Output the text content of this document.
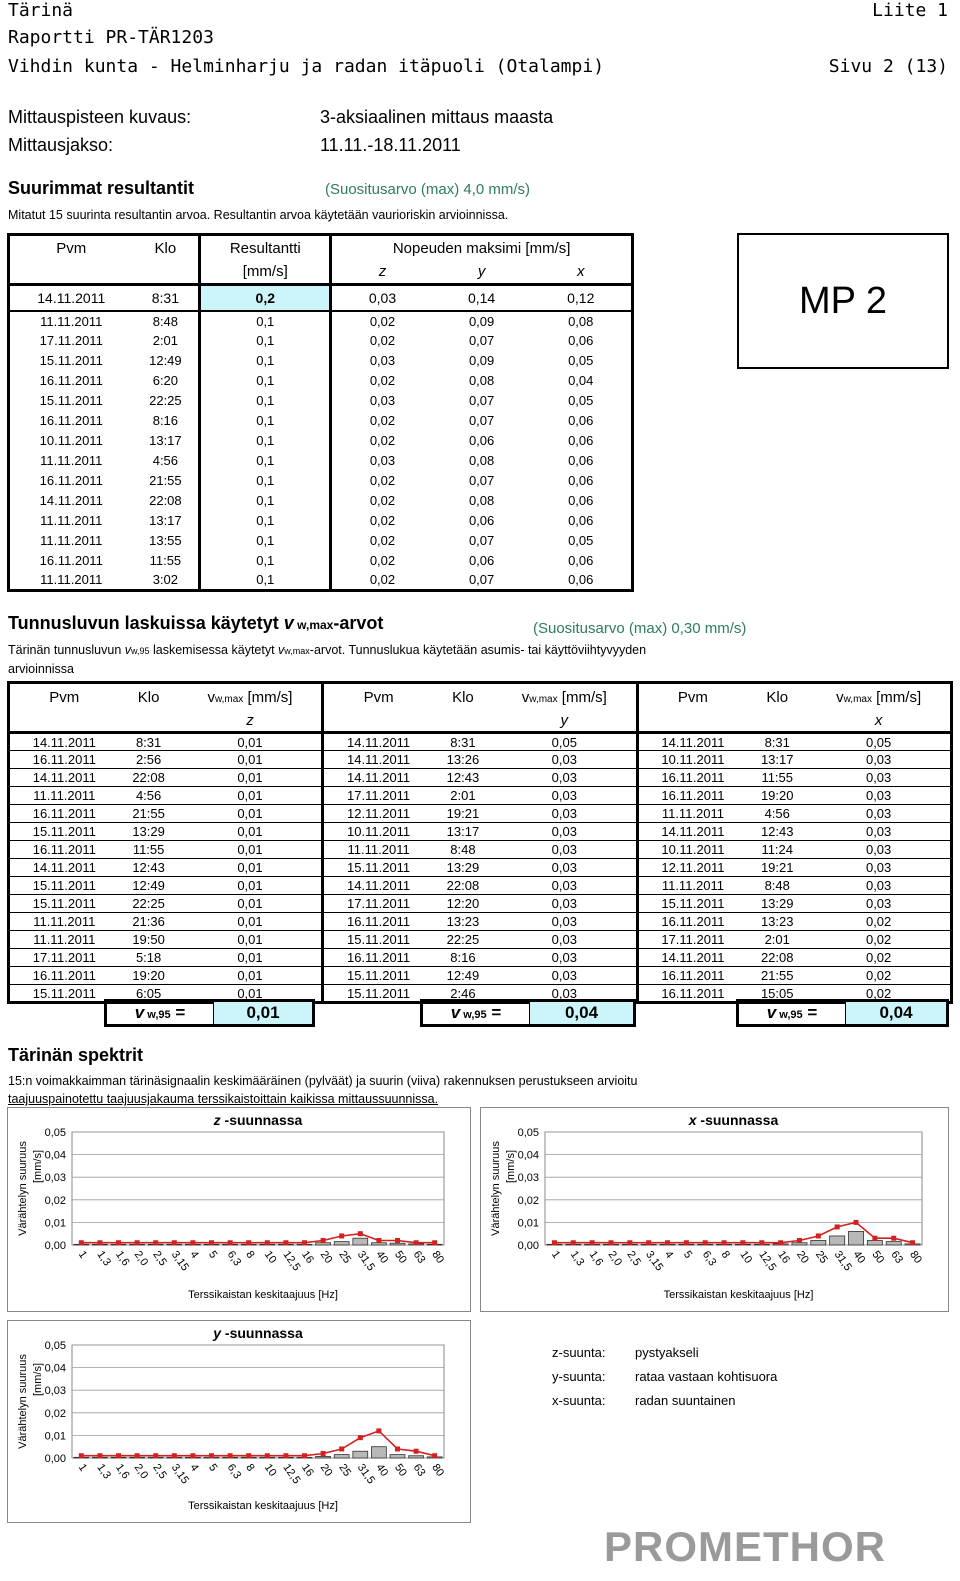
Tärinä	Liite 1
Raportti PR-TÄR1203
Vihdin kunta - Helminharju ja radan itäpuoli (Otalampi)	Sivu 2 (13)
Mittauspisteen kuvaus:	3-aksiaalinen mittaus maasta
Mittausjakso:	11.11.-18.11.2011
Suurimmat resultantit	(Suositusarvo (max) 4,0 mm/s)
Mitatut 15 suurinta resultantin arvoa. Resultantin arvoa käytetään vaurioriskin arvioinnissa.
MP 2
Pvm	Klo	Resultantti	Nopeuden maksimi [mm/s]		
		[mm/s]	z	y	x
14.11.2011	8:31	0,2	0,03	0,14	0,12
11.11.2011	8:48	0,1	0,02	0,09	0,08
17.11.2011	2:01	0,1	0,02	0,07	0,06
15.11.2011	12:49	0,1	0,03	0,09	0,05
16.11.2011	6:20	0,1	0,02	0,08	0,04
15.11.2011	22:25	0,1	0,03	0,07	0,05
16.11.2011	8:16	0,1	0,02	0,07	0,06
10.11.2011	13:17	0,1	0,02	0,06	0,06
11.11.2011	4:56	0,1	0,03	0,08	0,06
16.11.2011	21:55	0,1	0,02	0,07	0,06
14.11.2011	22:08	0,1	0,02	0,08	0,06
11.11.2011	13:17	0,1	0,02	0,06	0,06
11.11.2011	13:55	0,1	0,02	0,07	0,05
16.11.2011	11:55	0,1	0,02	0,06	0,06
11.11.2011	3:02	0,1	0,02	0,07	0,06
Tunnusluvun laskuissa käytetyt v w,max-arvot	(Suositusarvo (max) 0,30 mm/s)
Tärinän tunnusluvun vw,95 laskemisessa käytetyt vw,max-arvot. Tunnuslukua käytetään asumis- tai käyttöviihtyvyyden
arvioinnissa
Pvm	Klo	vw,max [mm/s]	Pvm	Klo	vw,max [mm/s]	Pvm	Klo	vw,max [mm/s]
		z			y			x
14.11.2011	8:31	0,01	14.11.2011	8:31	0,05	14.11.2011	8:31	0,05
16.11.2011	2:56	0,01	14.11.2011	13:26	0,03	10.11.2011	13:17	0,03
14.11.2011	22:08	0,01	14.11.2011	12:43	0,03	16.11.2011	11:55	0,03
11.11.2011	4:56	0,01	17.11.2011	2:01	0,03	16.11.2011	19:20	0,03
16.11.2011	21:55	0,01	12.11.2011	19:21	0,03	11.11.2011	4:56	0,03
15.11.2011	13:29	0,01	10.11.2011	13:17	0,03	14.11.2011	12:43	0,03
16.11.2011	11:55	0,01	11.11.2011	8:48	0,03	10.11.2011	11:24	0,03
14.11.2011	12:43	0,01	15.11.2011	13:29	0,03	12.11.2011	19:21	0,03
15.11.2011	12:49	0,01	14.11.2011	22:08	0,03	11.11.2011	8:48	0,03
15.11.2011	22:25	0,01	17.11.2011	12:20	0,03	15.11.2011	13:29	0,03
11.11.2011	21:36	0,01	16.11.2011	13:23	0,03	16.11.2011	13:23	0,02
11.11.2011	19:50	0,01	15.11.2011	22:25	0,03	17.11.2011	2:01	0,02
17.11.2011	5:18	0,01	16.11.2011	8:16	0,03	14.11.2011	22:08	0,02
16.11.2011	19:20	0,01	15.11.2011	12:49	0,03	16.11.2011	21:55	0,02
15.11.2011	6:05	0,01	15.11.2011	2:46	0,03	16.11.2011	15:05	0,02
v w,95 =	0,01	v w,95 =	0,04	v w,95 =	0,04
Tärinän spektrit
15:n voimakkaimman tärinäsignaalin keskimääräinen (pylväät) ja suurin (viiva) rakennuksen perustukseen arvioitu
taajuuspainotettu taajuusjakauma terssikaistoittain kaikissa mittaussuunnissa.
z -suunnassa
0,00
0,01
0,02
0,03
0,04
0,05
Värähtelyn suuruus [mm/s]
1 1,3 1,6 2,0 2,5 3,15
4 5 6,3 8 10 12,5
16 20 25 31,5
40 50 63 80
Terssikaistan keskitaajuus [Hz]
x -suunnassa
0,00
0,01
0,02
0,03
0,04
0,05
Värähtelyn suuruus [mm/s]
1 1,3 1,6 2,0 2,5 3,15
4 5 6,3 8 10 12,5
16 20 25 31,5
40 50 63 80
Terssikaistan keskitaajuus [Hz]
y -suunnassa
0,00
0,01
0,02
0,03
0,04
0,05
Värähtelyn suuruus [mm/s]
1 1,3 1,6 2,0 2,5 3,15
4 5 6,3 8 10 12,5
16 20 25 31,5
40 50 63 80
Terssikaistan keskitaajuus [Hz]
z-suunta: pystyakseli
y-suunta: rataa vastaan kohtisuora
x-suunta: radan suuntainen
PROMETHOR
